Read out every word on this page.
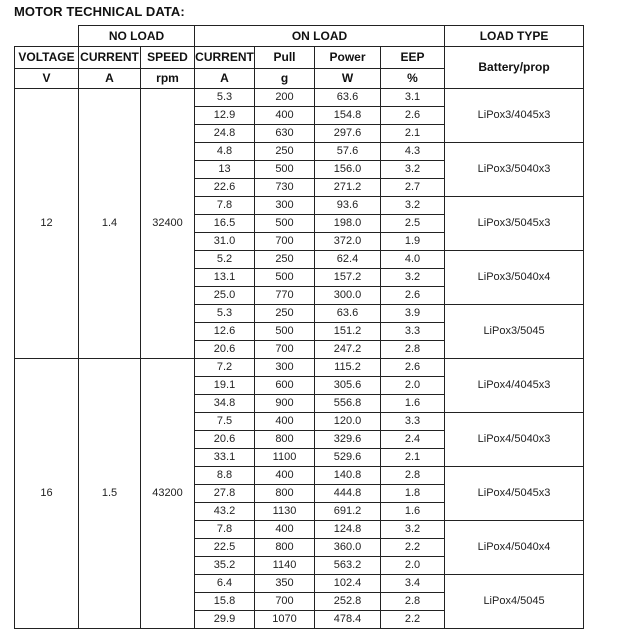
MOTOR TECHNICAL DATA:
	NO LOAD		ON LOAD				LOAD TYPE
VOLTAGE	CURRENT	SPEED	CURRENT	Pull	Power	EEP	Battery/prop
V	A	rpm	A	g	W	%	
12	1.4	32400	5.3	200	63.6	3.1	LiPox3/4045x3
			12.9	400	154.8	2.6	
			24.8	630	297.6	2.1	
			4.8	250	57.6	4.3	LiPox3/5040x3
			13	500	156.0	3.2	
			22.6	730	271.2	2.7	
			7.8	300	93.6	3.2	LiPox3/5045x3
			16.5	500	198.0	2.5	
			31.0	700	372.0	1.9	
			5.2	250	62.4	4.0	LiPox3/5040x4
			13.1	500	157.2	3.2	
			25.0	770	300.0	2.6	
			5.3	250	63.6	3.9	LiPox3/5045
			12.6	500	151.2	3.3	
			20.6	700	247.2	2.8	
16	1.5	43200	7.2	300	115.2	2.6	LiPox4/4045x3
			19.1	600	305.6	2.0	
			34.8	900	556.8	1.6	
			7.5	400	120.0	3.3	LiPox4/5040x3
			20.6	800	329.6	2.4	
			33.1	1100	529.6	2.1	
			8.8	400	140.8	2.8	LiPox4/5045x3
			27.8	800	444.8	1.8	
			43.2	1130	691.2	1.6	
			7.8	400	124.8	3.2	LiPox4/5040x4
			22.5	800	360.0	2.2	
			35.2	1140	563.2	2.0	
			6.4	350	102.4	3.4	LiPox4/5045
			15.8	700	252.8	2.8	
			29.9	1070	478.4	2.2	
